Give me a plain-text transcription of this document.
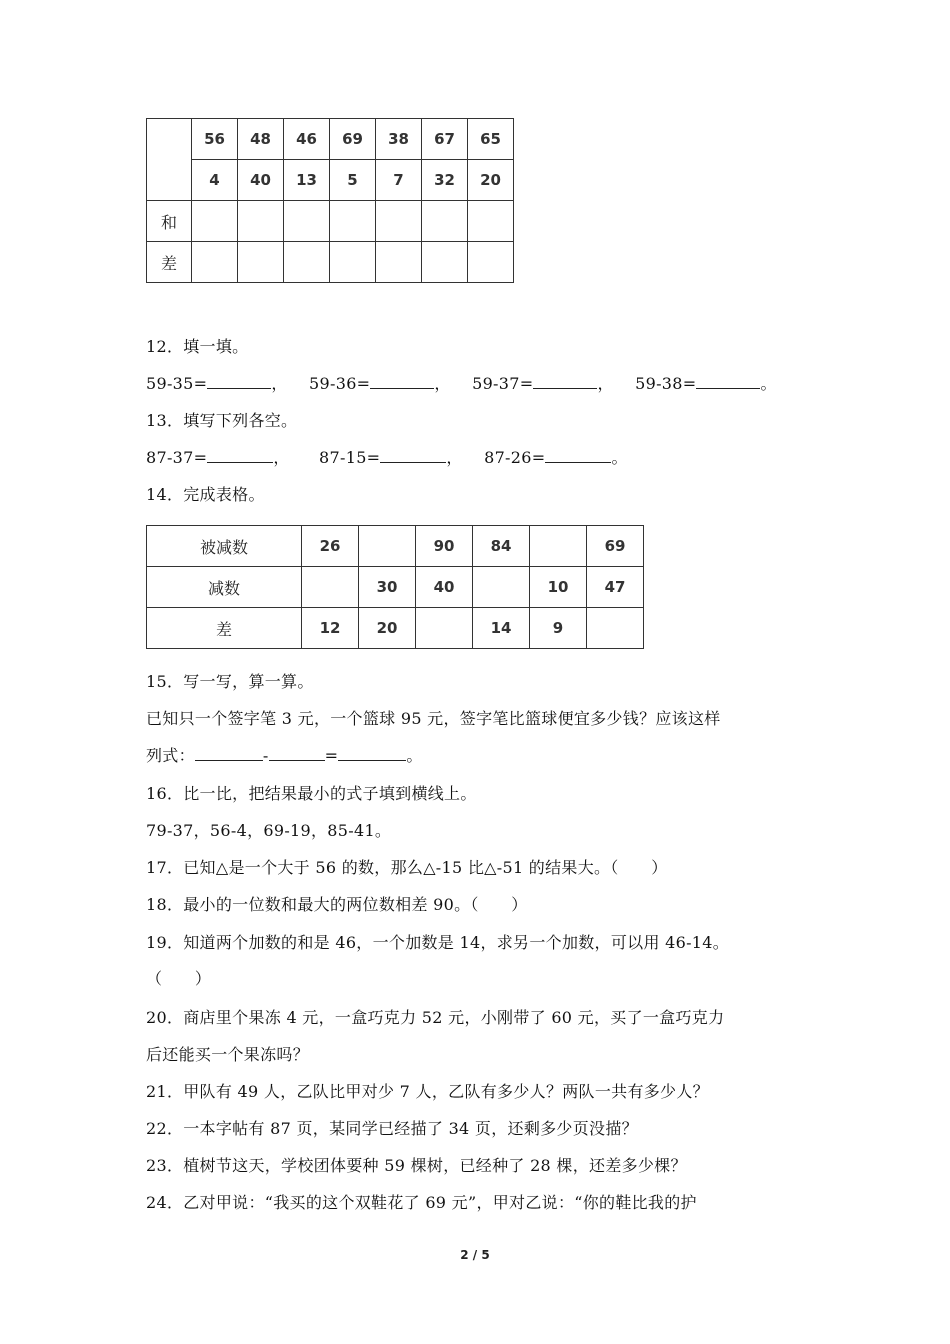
	56	48	46	69	38	67	65
	4	40	13	5	7	32	20
和							
差							
12．填一填。
59-35=	， 59-36=	， 59-37=	， 59-38=	。
13．填写下列各空。
87-37=	， 87-15=	， 87-26=	。
14．完成表格。
被减数	26		90	84		69
减数		30	40		10	47
差	12	20		14	9	
15．写一写，算一算。
已知只一个签字笔 3 元，一个篮球 95 元，签字笔比篮球便宜多少钱？应该这样
列式：	-	=	。
16．比一比，把结果最小的式子填到横线上。
79-37，56-4，69-19，85-41。
17．已知△是一个大于 56 的数，那么△-15 比△-51 的结果大。（　　）
18．最小的一位数和最大的两位数相差 90。（　　）
19．知道两个加数的和是 46，一个加数是 14，求另一个加数，可以用 46-14。
（　　）
20．商店里个果冻 4 元，一盒巧克力 52 元，小刚带了 60 元，买了一盒巧克力
后还能买一个果冻吗？
21．甲队有 49 人，乙队比甲对少 7 人，乙队有多少人？两队一共有多少人？
22．一本字帖有 87 页，某同学已经描了 34 页，还剩多少页没描？
23．植树节这天，学校团体要种 59 棵树，已经种了 28 棵，还差多少棵？
24．乙对甲说：“我买的这个双鞋花了 69 元”，甲对乙说：“你的鞋比我的护
2 / 5
